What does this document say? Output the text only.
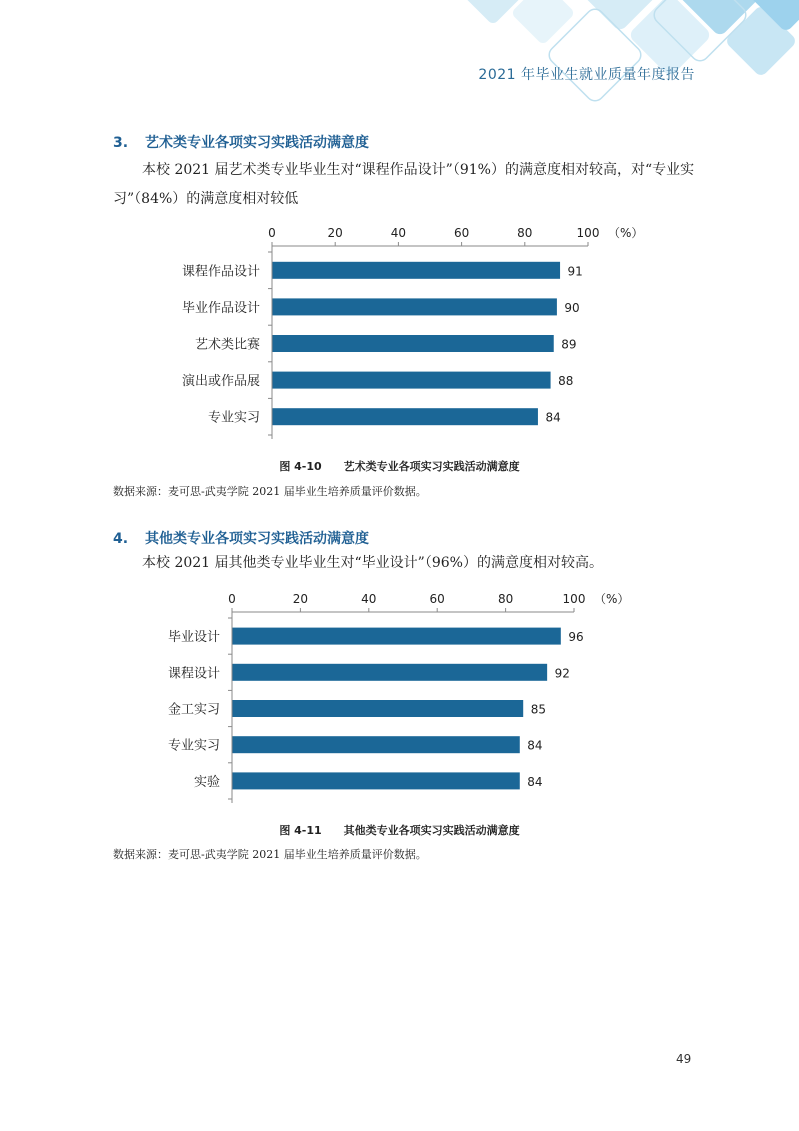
2021 年毕业生就业质量年度报告
3. 艺术类专业各项实习实践活动满意度
本校 2021 届艺术类专业毕业生对“课程作品设计”（91%）的满意度相对较高，对“专业实习”（84%）的满意度相对较低
0	20	40	60	80	100 （%）
课程作品设计	91
毕业作品设计	90
艺术类比赛	89
演出或作品展	88
专业实习	84
图 4-10 艺术类专业各项实习实践活动满意度
数据来源：麦可思-武夷学院 2021 届毕业生培养质量评价数据。
4. 其他类专业各项实习实践活动满意度
本校 2021 届其他类专业毕业生对“毕业设计”（96%）的满意度相对较高。
0	20	40	60	80	100 （%）
毕业设计	96
课程设计	92
金工实习	85
专业实习	84
实验	84
图 4-11 其他类专业各项实习实践活动满意度
数据来源：麦可思-武夷学院 2021 届毕业生培养质量评价数据。
49
